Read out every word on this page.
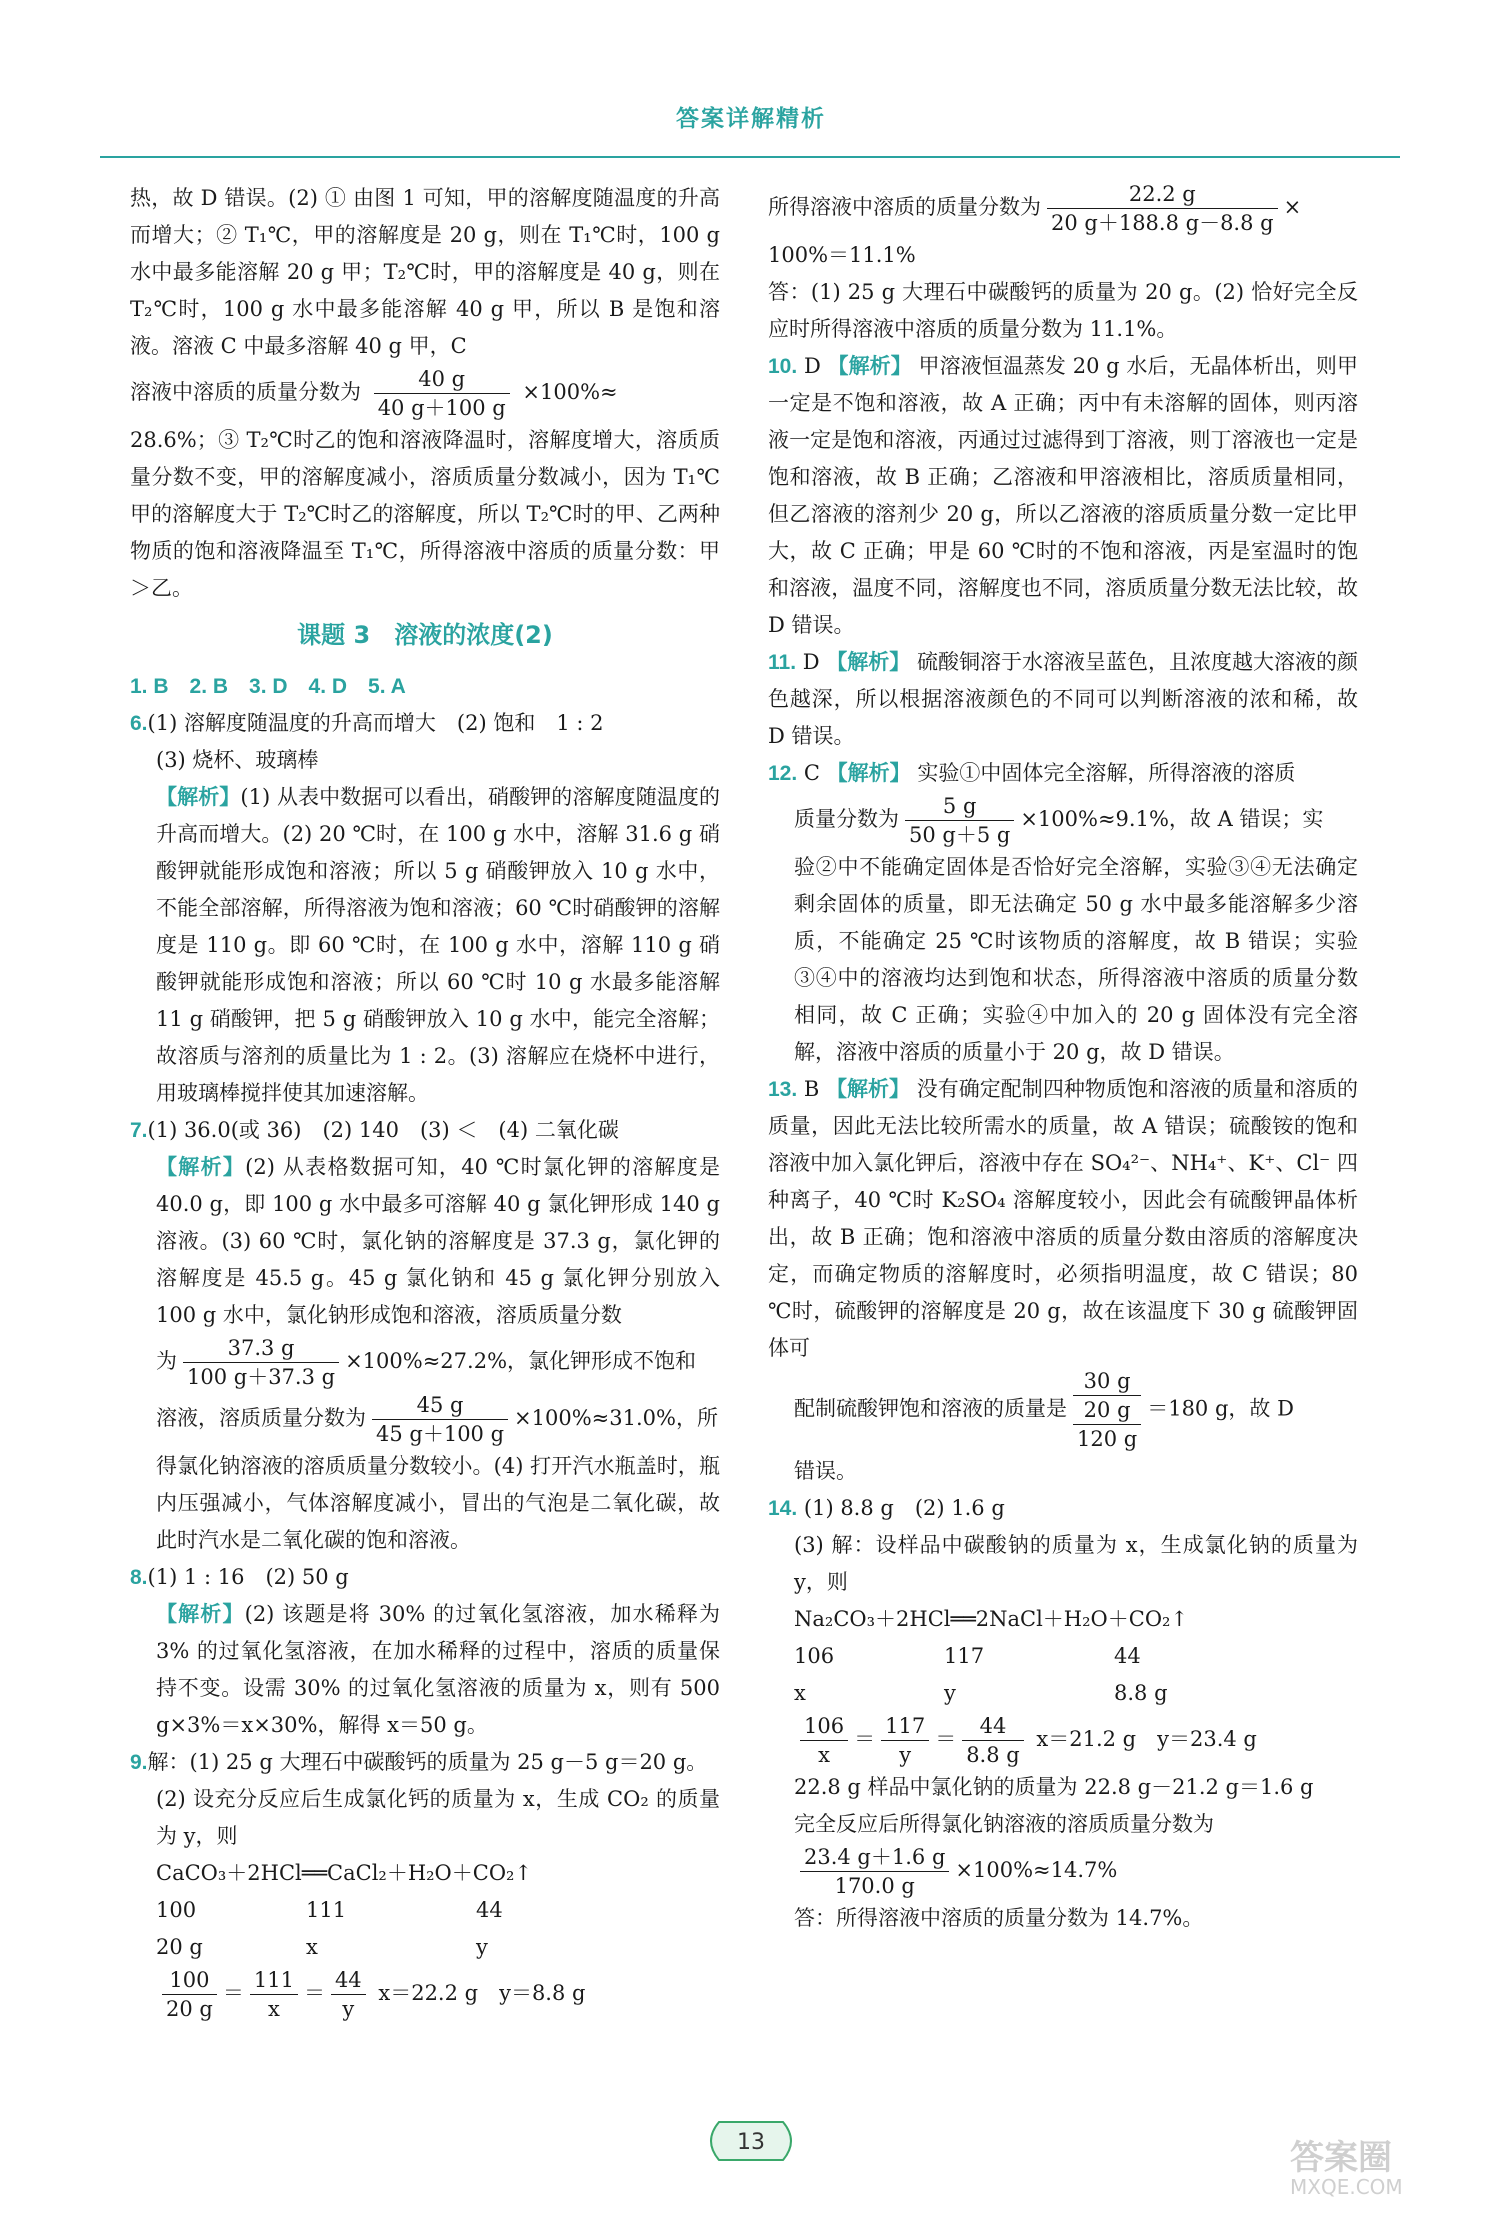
答案详解精析

热，故 D 错误。(2) ① 由图 1 可知，甲的溶解度随温度的升高而增大；② T₁℃，甲的溶解度是 20 g，则在 T₁℃时，100 g 水中最多能溶解 20 g 甲；T₂℃时，甲的溶解度是 40 g，则在 T₂℃时，100 g 水中最多能溶解 40 g 甲，所以 B 是饱和溶液。溶液 C 中最多溶解 40 g 甲，C

溶液中溶质的质量分数为 $\frac{40 g}{40 g+100 g} \times 100\%\approx$

28.6%；③ T₂℃时乙的饱和溶液降温时，溶解度增大，溶质质量分数不变，甲的溶解度减小，溶质质量分数减小，因为 T₁℃甲的溶解度大于 T₂℃时乙的溶解度，所以 T₂℃时的甲、乙两种物质的饱和溶液降温至 T₁℃，所得溶液中溶质的质量分数：甲＞乙。

课题 3　溶液的浓度(2)

1. B　2. B　3. D　4. D　5. A

6.(1) 溶解度随温度的升高而增大　(2) 饱和　1 : 2

(3) 烧杯、玻璃棒

【解析】(1) 从表中数据可以看出，硝酸钾的溶解度随温度的升高而增大。(2) 20 ℃时，在 100 g 水中，溶解 31.6 g 硝酸钾就能形成饱和溶液；所以 5 g 硝酸钾放入 10 g 水中，不能全部溶解，所得溶液为饱和溶液；60 ℃时硝酸钾的溶解度是 110 g。即 60 ℃时，在 100 g 水中，溶解 110 g 硝酸钾就能形成饱和溶液；所以 60 ℃时 10 g 水最多能溶解 11 g 硝酸钾，把 5 g 硝酸钾放入 10 g 水中，能完全溶解；故溶质与溶剂的质量比为 1 : 2。(3) 溶解应在烧杯中进行，用玻璃棒搅拌使其加速溶解。

7.(1) 36.0(或 36)　(2) 140　(3) ＜　(4) 二氧化碳

【解析】(2) 从表格数据可知，40 ℃时氯化钾的溶解度是 40.0 g，即 100 g 水中最多可溶解 40 g 氯化钾形成 140 g 溶液。(3) 60 ℃时，氯化钠的溶解度是 37.3 g，氯化钾的溶解度是 45.5 g。45 g 氯化钠和 45 g 氯化钾分别放入 100 g 水中，氯化钠形成饱和溶液，溶质质量分数

为 $\frac{37.3 g}{100 g+37.3 g} \times 100\%\approx 27.2\%$，氯化钾形成不饱和

溶液，溶质质量分数为 $\frac{45 g}{45 g+100 g} \times 100\%\approx 31.0\%$，所

得氯化钠溶液的溶质质量分数较小。(4) 打开汽水瓶盖时，瓶内压强减小，气体溶解度减小，冒出的气泡是二氧化碳，故此时汽水是二氧化碳的饱和溶液。

8.(1) 1 : 16　(2) 50 g

【解析】(2) 该题是将 30% 的过氧化氢溶液，加水稀释为 3% 的过氧化氢溶液，在加水稀释的过程中，溶质的质量保持不变。设需 30% 的过氧化氢溶液的质量为 x，则有 500 g×3%＝x×30%，解得 x＝50 g。

9.解：(1) 25 g 大理石中碳酸钙的质量为 25 g－5 g＝20 g。

(2) 设充分反应后生成氯化钙的质量为 x，生成 CO₂ 的质量为 y，则

CaCO₃＋2HCl══CaCl₂＋H₂O＋CO₂↑

100	111	44
20 g	x	y

$\frac{100}{20 g} = \frac{111}{x} = \frac{44}{y} x=22.2$ g　y＝8.8 g

所得溶液中溶质的质量分数为 $\frac{22.2 g}{20 g+188.8 g-8.8 g}$ ×

100%＝11.1%

答：(1) 25 g 大理石中碳酸钙的质量为 20 g。(2) 恰好完全反应时所得溶液中溶质的质量分数为 11.1%。

10. D 【解析】 甲溶液恒温蒸发 20 g 水后，无晶体析出，则甲一定是不饱和溶液，故 A 正确；丙中有未溶解的固体，则丙溶液一定是饱和溶液，丙通过过滤得到丁溶液，则丁溶液也一定是饱和溶液，故 B 正确；乙溶液和甲溶液相比，溶质质量相同，但乙溶液的溶剂少 20 g，所以乙溶液的溶质质量分数一定比甲大，故 C 正确；甲是 60 ℃时的不饱和溶液，丙是室温时的饱和溶液，温度不同，溶解度也不同，溶质质量分数无法比较，故 D 错误。

11. D 【解析】 硫酸铜溶于水溶液呈蓝色，且浓度越大溶液的颜色越深，所以根据溶液颜色的不同可以判断溶液的浓和稀，故 D 错误。

12. C 【解析】 实验①中固体完全溶解，所得溶液的溶质

质量分数为 $\frac{5 g}{50 g+5 g} \times 100\%\approx 9.1\%$，故 A 错误；实

验②中不能确定固体是否恰好完全溶解，实验③④无法确定剩余固体的质量，即无法确定 50 g 水中最多能溶解多少溶质，不能确定 25 ℃时该物质的溶解度，故 B 错误；实验③④中的溶液均达到饱和状态，所得溶液中溶质的质量分数相同，故 C 正确；实验④中加入的 20 g 固体没有完全溶解，溶液中溶质的质量小于 20 g，故 D 错误。

13. B 【解析】 没有确定配制四种物质饱和溶液的质量和溶质的质量，因此无法比较所需水的质量，故 A 错误；硫酸铵的饱和溶液中加入氯化钾后，溶液中存在 SO₄²⁻、NH₄⁺、K⁺、Cl⁻ 四种离子，40 ℃时 K₂SO₄ 溶解度较小，因此会有硫酸钾晶体析出，故 B 正确；饱和溶液中溶质的质量分数由溶质的溶解度决定，而确定物质的溶解度时，必须指明温度，故 C 错误；80 ℃时，硫酸钾的溶解度是 20 g，故在该温度下 30 g 硫酸钾固体可

配制硫酸钾饱和溶液的质量是
30 g
20 g
120 g
＝180 g，故 D

错误。

14. (1) 8.8 g　(2) 1.6 g

(3) 解：设样品中碳酸钠的质量为 x，生成氯化钠的质量为 y，则

Na₂CO₃＋2HCl══2NaCl＋H₂O＋CO₂↑

106	117	44
x	y	8.8 g

$\frac{106}{x} = \frac{117}{y} = \frac{44}{8.8 g} x=21.2$ g　y＝23.4 g

22.8 g 样品中氯化钠的质量为 22.8 g－21.2 g＝1.6 g

完全反应后所得氯化钠溶液的溶质质量分数为

$\frac{23.4 g+1.6 g}{170.0 g} \times 100\%\approx 14.7\%$

答：所得溶液中溶质的质量分数为 14.7%。

13	答案圈
MXQE.COM
